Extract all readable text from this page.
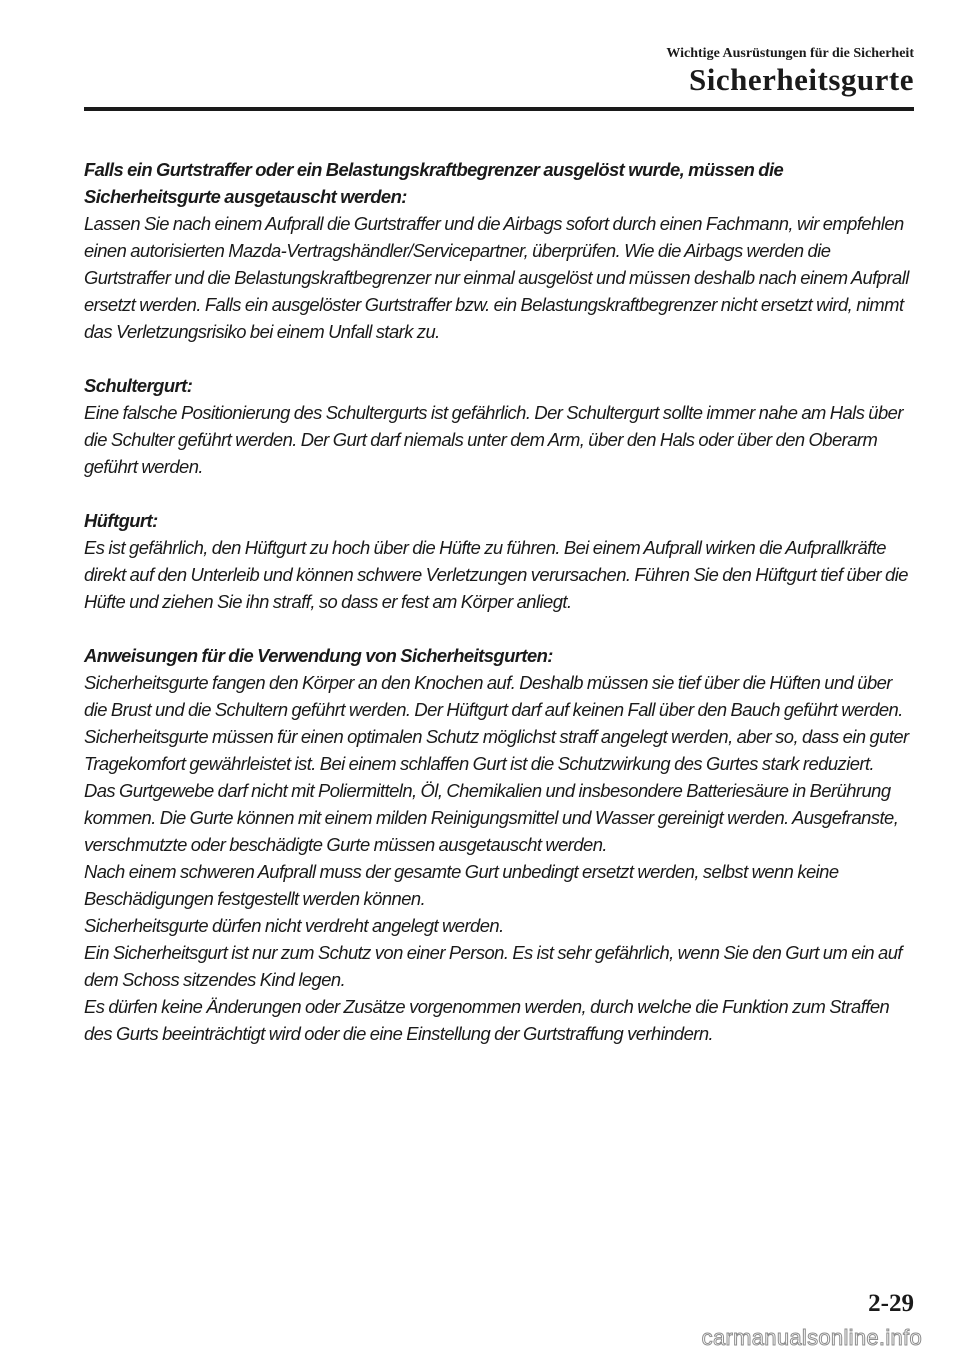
Wichtige Ausrüstungen für die Sicherheit
Sicherheitsgurte

Falls ein Gurtstraffer oder ein Belastungskraftbegrenzer ausgelöst wurde, müssen die Sicherheitsgurte ausgetauscht werden:

Lassen Sie nach einem Aufprall die Gurtstraffer und die Airbags sofort durch einen Fachmann, wir empfehlen einen autorisierten Mazda-Vertragshändler/Servicepartner, überprüfen. Wie die Airbags werden die Gurtstraffer und die Belastungskraftbegrenzer nur einmal ausgelöst und müssen deshalb nach einem Aufprall ersetzt werden. Falls ein ausgelöster Gurtstraffer bzw. ein Belastungskraftbegrenzer nicht ersetzt wird, nimmt das Verletzungsrisiko bei einem Unfall stark zu.

Schultergurt:

Eine falsche Positionierung des Schultergurts ist gefährlich. Der Schultergurt sollte immer nahe am Hals über die Schulter geführt werden. Der Gurt darf niemals unter dem Arm, über den Hals oder über den Oberarm geführt werden.

Hüftgurt:

Es ist gefährlich, den Hüftgurt zu hoch über die Hüfte zu führen. Bei einem Aufprall wirken die Aufprallkräfte direkt auf den Unterleib und können schwere Verletzungen verursachen. Führen Sie den Hüftgurt tief über die Hüfte und ziehen Sie ihn straff, so dass er fest am Körper anliegt.

Anweisungen für die Verwendung von Sicherheitsgurten:

Sicherheitsgurte fangen den Körper an den Knochen auf. Deshalb müssen sie tief über die Hüften und über die Brust und die Schultern geführt werden. Der Hüftgurt darf auf keinen Fall über den Bauch geführt werden.

Sicherheitsgurte müssen für einen optimalen Schutz möglichst straff angelegt werden, aber so, dass ein guter Tragekomfort gewährleistet ist. Bei einem schlaffen Gurt ist die Schutzwirkung des Gurtes stark reduziert.

Das Gurtgewebe darf nicht mit Poliermitteln, Öl, Chemikalien und insbesondere Batteriesäure in Berührung kommen. Die Gurte können mit einem milden Reinigungsmittel und Wasser gereinigt werden. Ausgefranste, verschmutzte oder beschädigte Gurte müssen ausgetauscht werden.

Nach einem schweren Aufprall muss der gesamte Gurt unbedingt ersetzt werden, selbst wenn keine Beschädigungen festgestellt werden können.

Sicherheitsgurte dürfen nicht verdreht angelegt werden.

Ein Sicherheitsgurt ist nur zum Schutz von einer Person. Es ist sehr gefährlich, wenn Sie den Gurt um ein auf dem Schoss sitzendes Kind legen.

Es dürfen keine Änderungen oder Zusätze vorgenommen werden, durch welche die Funktion zum Straffen des Gurts beeinträchtigt wird oder die eine Einstellung der Gurtstraffung verhindern.

2-29
carmanualsonline.info
